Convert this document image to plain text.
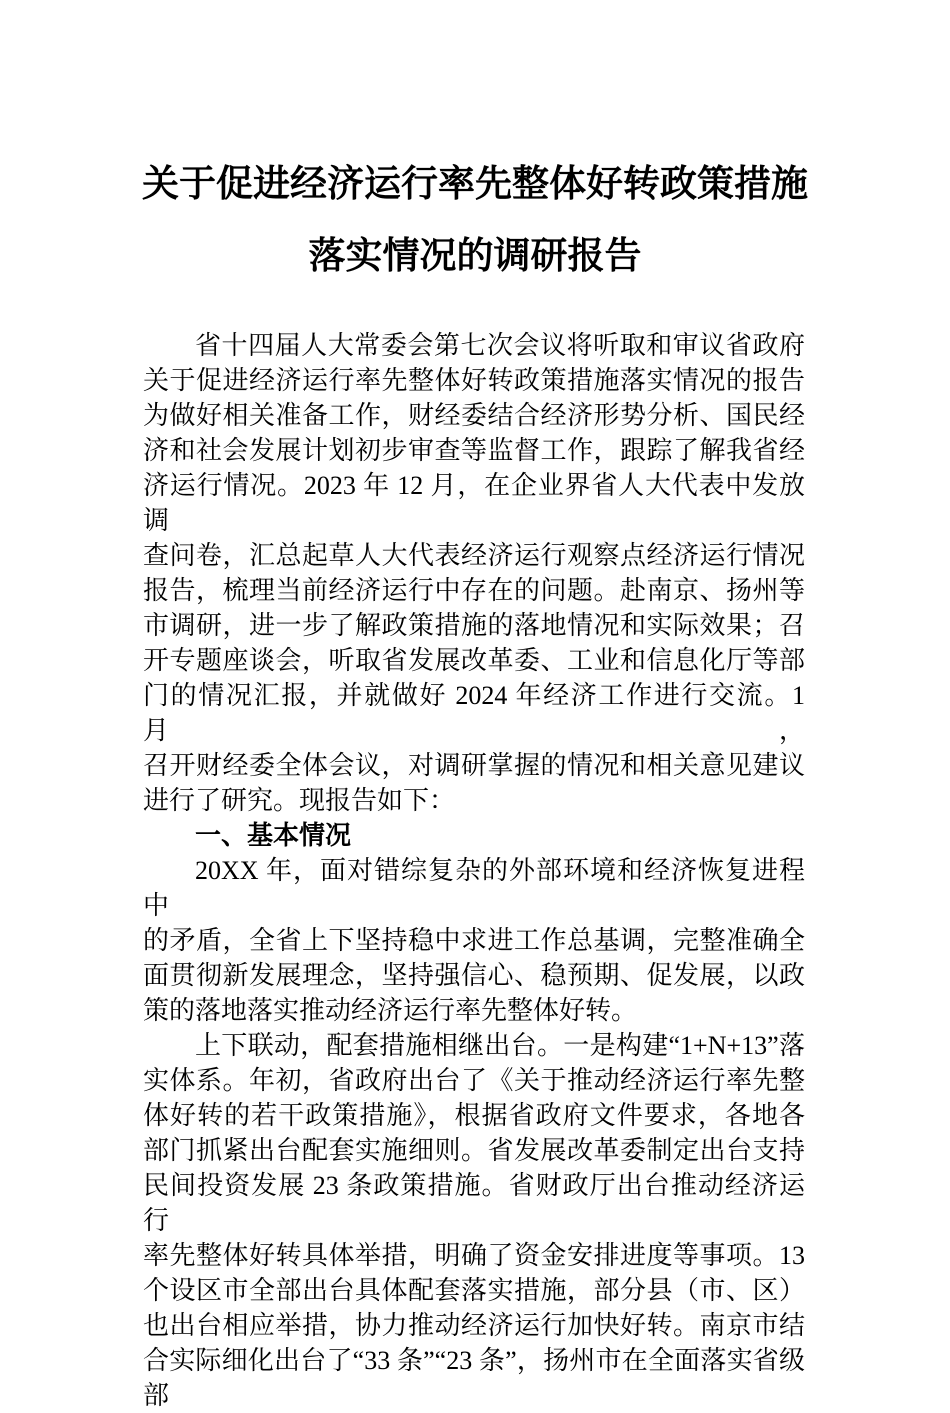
关于促进经济运行率先整体好转政策措施
落实情况的调研报告
省十四届人大常委会第七次会议将听取和审议省政府
关于促进经济运行率先整体好转政策措施落实情况的报告
为做好相关准备工作，财经委结合经济形势分析、国民经
济和社会发展计划初步审查等监督工作，跟踪了解我省经
济运行情况。2023 年 12 月，在企业界省人大代表中发放调
查问卷，汇总起草人大代表经济运行观察点经济运行情况
报告，梳理当前经济运行中存在的问题。赴南京、扬州等
市调研，进一步了解政策措施的落地情况和实际效果；召
开专题座谈会，听取省发展改革委、工业和信息化厅等部
门的情况汇报，并就做好 2024 年经济工作进行交流。1 月，
召开财经委全体会议，对调研掌握的情况和相关意见建议
进行了研究。现报告如下：
一、基本情况
20XX 年，面对错综复杂的外部环境和经济恢复进程中
的矛盾，全省上下坚持稳中求进工作总基调，完整准确全
面贯彻新发展理念，坚持强信心、稳预期、促发展，以政
策的落地落实推动经济运行率先整体好转。
上下联动，配套措施相继出台。一是构建“1+N+13”落
实体系。年初，省政府出台了《关于推动经济运行率先整
体好转的若干政策措施》，根据省政府文件要求，各地各
部门抓紧出台配套实施细则。省发展改革委制定出台支持
民间投资发展 23 条政策措施。省财政厅出台推动经济运行
率先整体好转具体举措，明确了资金安排进度等事项。13
个设区市全部出台具体配套落实措施，部分县（市、区）
也出台相应举措，协力推动经济运行加快好转。南京市结
合实际细化出台了“33 条”“23 条”，扬州市在全面落实省级部
